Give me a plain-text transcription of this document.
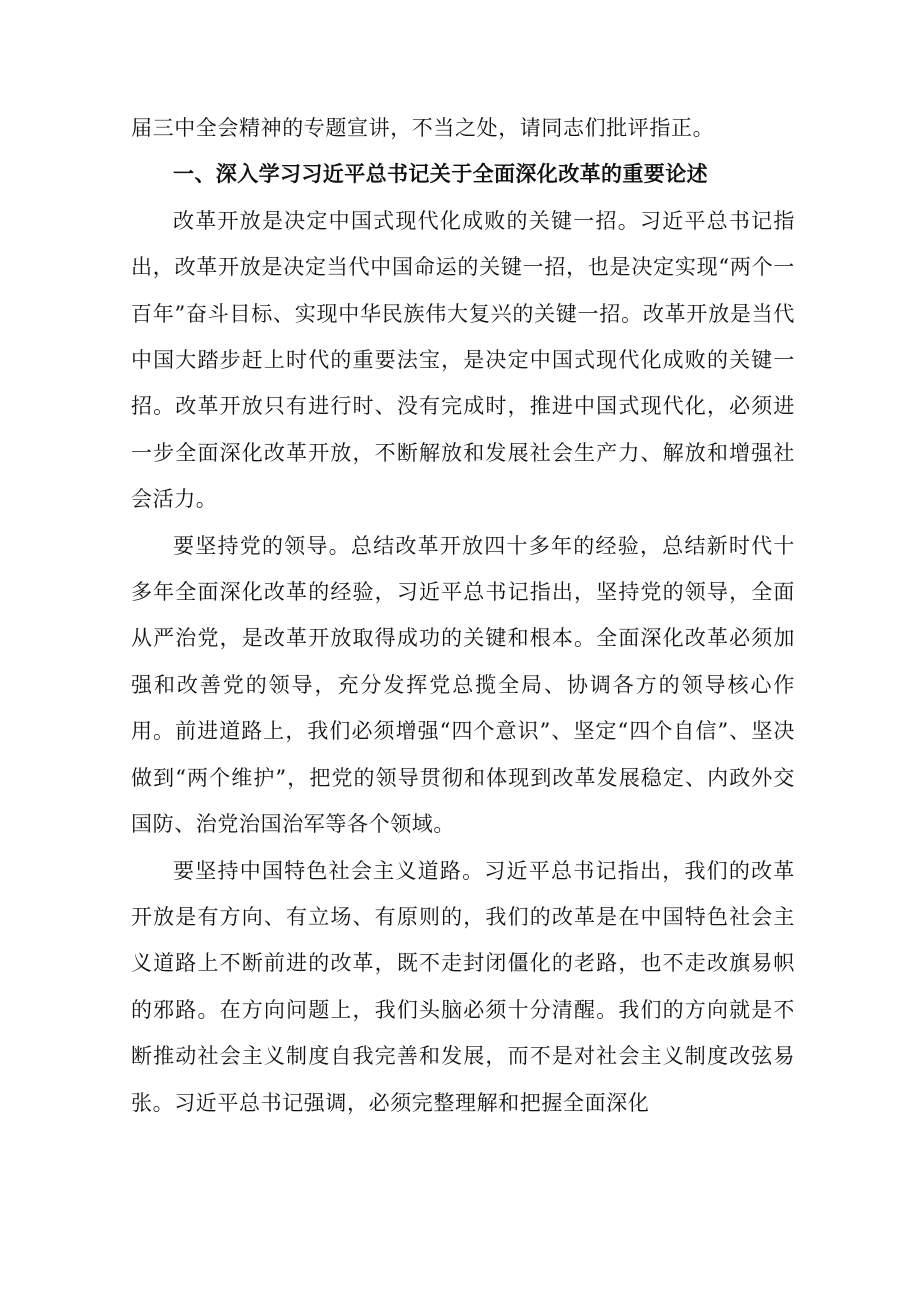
届三中全会精神的专题宣讲，不当之处，请同志们批评指正。

一、深入学习习近平总书记关于全面深化改革的重要论述

改革开放是决定中国式现代化成败的关键一招。习近平总书记指出，改革开放是决定当代中国命运的关键一招，也是决定实现“两个一百年”奋斗目标、实现中华民族伟大复兴的关键一招。改革开放是当代中国大踏步赶上时代的重要法宝，是决定中国式现代化成败的关键一招。改革开放只有进行时、没有完成时，推进中国式现代化，必须进一步全面深化改革开放，不断解放和发展社会生产力、解放和增强社会活力。

要坚持党的领导。总结改革开放四十多年的经验，总结新时代十多年全面深化改革的经验，习近平总书记指出，坚持党的领导，全面从严治党，是改革开放取得成功的关键和根本。全面深化改革必须加强和改善党的领导，充分发挥党总揽全局、协调各方的领导核心作用。前进道路上，我们必须增强“四个意识”、坚定“四个自信”、坚决做到“两个维护”，把党的领导贯彻和体现到改革发展稳定、内政外交国防、治党治国治军等各个领域。

要坚持中国特色社会主义道路。习近平总书记指出，我们的改革开放是有方向、有立场、有原则的，我们的改革是在中国特色社会主义道路上不断前进的改革，既不走封闭僵化的老路，也不走改旗易帜的邪路。在方向问题上，我们头脑必须十分清醒。我们的方向就是不断推动社会主义制度自我完善和发展，而不是对社会主义制度改弦易张。习近平总书记强调，必须完整理解和把握全面深化
